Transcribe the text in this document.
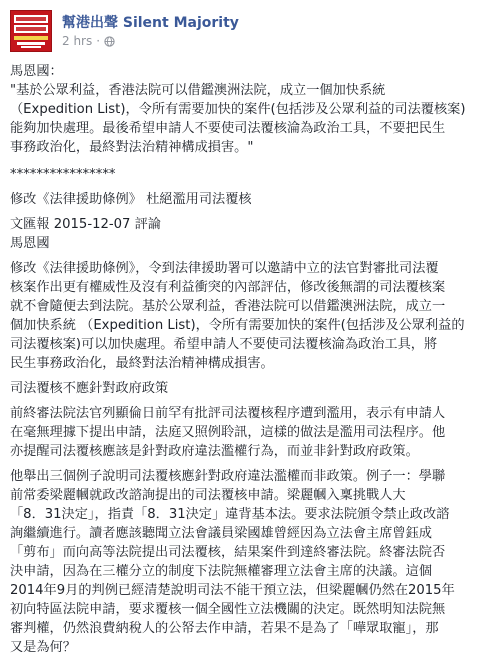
幫港出聲 Silent Majority
2 hrs ·

馬恩國：

"基於公眾利益，香港法院可以借鑑澳洲法院，成立一個加快系統
（Expedition List)，令所有需要加快的案件(包括涉及公眾利益的司法覆核案)
能夠加快處理。最後希望申請人不要使司法覆核淪為政治工具，不要把民生
事務政治化，最終對法治精神構成損害。"

****************

修改《法律援助條例》 杜絕濫用司法覆核

文匯報 2015-12-07 評論
馬恩國

修改《法律援助條例》，令到法律援助署可以邀請中立的法官對審批司法覆
核案作出更有權威性及沒有利益衝突的內部評估，修改後無謂的司法覆核案
就不會隨便去到法院。基於公眾利益，香港法院可以借鑑澳洲法院，成立一
個加快系統 （Expedition List)，令所有需要加快的案件(包括涉及公眾利益的
司法覆核案)可以加快處理。希望申請人不要使司法覆核淪為政治工具，將
民生事務政治化，最終對法治精神構成損害。

司法覆核不應針對政府政策

前終審法院法官列顯倫日前罕有批評司法覆核程序遭到濫用，表示有申請人
在毫無理據下提出申請，法庭又照例聆訊，這樣的做法是濫用司法程序。他
亦提醒司法覆核應該是針對政府違法濫權行為，而並非針對政府政策。

他舉出三個例子說明司法覆核應針對政府違法濫權而非政策。例子一：學聯
前常委梁麗幗就政改諮詢提出的司法覆核申請。梁麗幗入稟挑戰人大
「8．31決定」，指責「8．31決定」違背基本法。要求法院頒令禁止政改諮
詢繼續進行。讀者應該聽聞立法會議員梁國雄曾經因為立法會主席曾鈺成
「剪布」而向高等法院提出司法覆核，結果案件到達終審法院。終審法院否
決申請，因為在三權分立的制度下法院無權審理立法會主席的決議。這個
2014年9月的判例已經清楚說明司法不能干預立法，但梁麗幗仍然在2015年
初向特區法院申請，要求覆核一個全國性立法機關的決定。既然明知法院無
審判權，仍然浪費納稅人的公帑去作申請，若果不是為了「嘩眾取寵」，那
又是為何？
